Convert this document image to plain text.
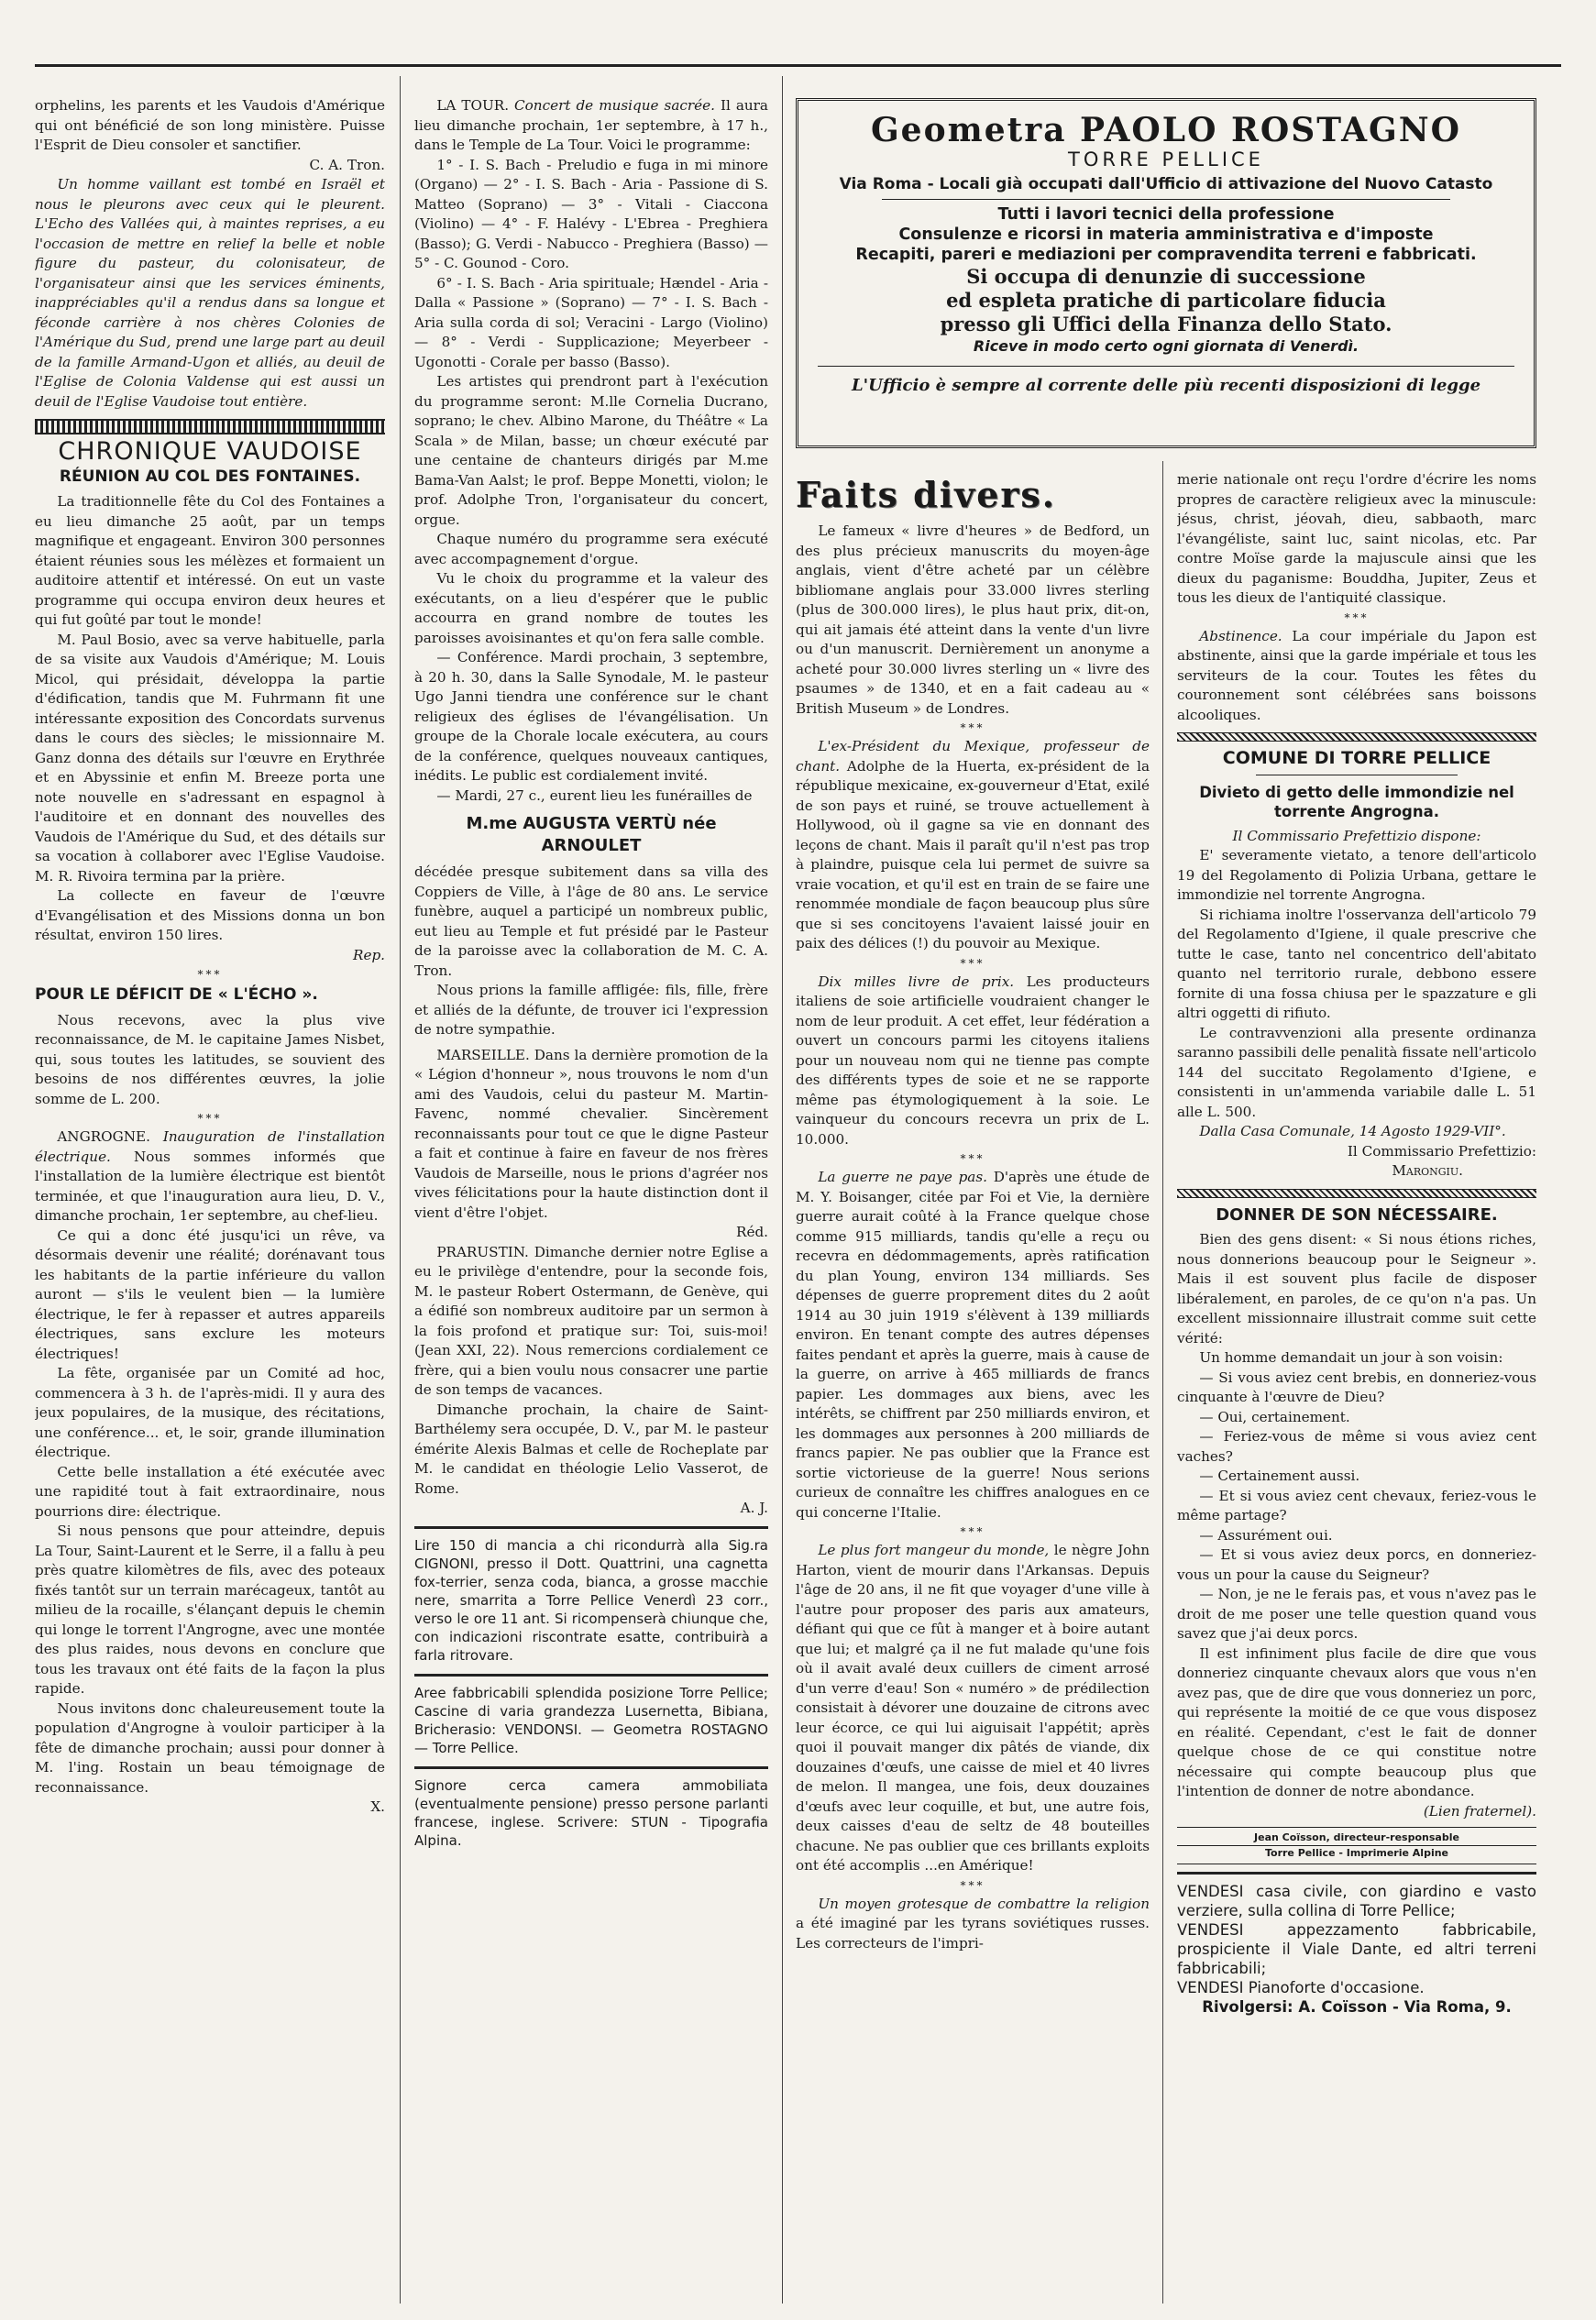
orphelins, les parents et les Vaudois d'Amérique qui ont bénéficié de son long ministère. Puisse l'Esprit de Dieu consoler et sanctifier.

C. A. Tron.

Un homme vaillant est tombé en Israël et nous le pleurons avec ceux qui le pleurent. L'Echo des Vallées qui, à maintes reprises, a eu l'occasion de mettre en relief la belle et noble figure du pasteur, du colonisateur, de l'organisateur ainsi que les services éminents, inappréciables qu'il a rendus dans sa longue et féconde carrière à nos chères Colonies de l'Amérique du Sud, prend une large part au deuil de la famille Armand-Ugon et alliés, au deuil de l'Eglise de Colonia Valdense qui est aussi un deuil de l'Eglise Vaudoise tout entière.

CHRONIQUE VAUDOISE
RÉUNION AU COL DES FONTAINES.

La traditionnelle fête du Col des Fontaines a eu lieu dimanche 25 août, par un temps magnifique et engageant. Environ 300 personnes étaient réunies sous les mélèzes et formaient un auditoire attentif et intéressé. On eut un vaste programme qui occupa environ deux heures et qui fut goûté par tout le monde!

M. Paul Bosio, avec sa verve habituelle, parla de sa visite aux Vaudois d'Amérique; M. Louis Micol, qui présidait, développa la partie d'édification, tandis que M. Fuhrmann fit une intéressante exposition des Concordats survenus dans le cours des siècles; le missionnaire M. Ganz donna des détails sur l'œuvre en Erythrée et en Abyssinie et enfin M. Breeze porta une note nouvelle en s'adressant en espagnol à l'auditoire et en donnant des nouvelles des Vaudois de l'Amérique du Sud, et des détails sur sa vocation à collaborer avec l'Eglise Vaudoise. M. R. Rivoira termina par la prière.

La collecte en faveur de l'œuvre d'Evangélisation et des Missions donna un bon résultat, environ 150 lires.

Rep.
***
POUR LE DÉFICIT DE « L'ÉCHO ».

Nous recevons, avec la plus vive reconnaissance, de M. le capitaine James Nisbet, qui, sous toutes les latitudes, se souvient des besoins de nos différentes œuvres, la jolie somme de L. 200.

***

ANGROGNE. Inauguration de l'installation électrique. Nous sommes informés que l'installation de la lumière électrique est bientôt terminée, et que l'inauguration aura lieu, D. V., dimanche prochain, 1er septembre, au chef-lieu.

Ce qui a donc été jusqu'ici un rêve, va désormais devenir une réalité; dorénavant tous les habitants de la partie inférieure du vallon auront — s'ils le veulent bien — la lumière électrique, le fer à repasser et autres appareils électriques, sans exclure les moteurs électriques!

La fête, organisée par un Comité ad hoc, commencera à 3 h. de l'après-midi. Il y aura des jeux populaires, de la musique, des récitations, une conférence... et, le soir, grande illumination électrique.

Cette belle installation a été exécutée avec une rapidité tout à fait extraordinaire, nous pourrions dire: électrique.

Si nous pensons que pour atteindre, depuis La Tour, Saint-Laurent et le Serre, il a fallu à peu près quatre kilomètres de fils, avec des poteaux fixés tantôt sur un terrain marécageux, tantôt au milieu de la rocaille, s'élançant depuis le chemin qui longe le torrent l'Angrogne, avec une montée des plus raides, nous devons en conclure que tous les travaux ont été faits de la façon la plus rapide.

Nous invitons donc chaleureusement toute la population d'Angrogne à vouloir participer à la fête de dimanche prochain; aussi pour donner à M. l'ing. Rostain un beau témoignage de reconnaissance.

X.

LA TOUR. Concert de musique sacrée. Il aura lieu dimanche prochain, 1er septembre, à 17 h., dans le Temple de La Tour. Voici le programme:

1° - I. S. Bach - Preludio e fuga in mi minore (Organo) — 2° - I. S. Bach - Aria - Passione di S. Matteo (Soprano) — 3° - Vitali - Ciaccona (Violino) — 4° - F. Halévy - L'Ebrea - Preghiera (Basso); G. Verdi - Nabucco - Preghiera (Basso) — 5° - C. Gounod - Coro.

6° - I. S. Bach - Aria spirituale; Hændel - Aria - Dalla « Passione » (Soprano) — 7° - I. S. Bach - Aria sulla corda di sol; Veracini - Largo (Violino) — 8° - Verdi - Supplicazione; Meyerbeer - Ugonotti - Corale per basso (Basso).

Les artistes qui prendront part à l'exécution du programme seront: M.lle Cornelia Ducrano, soprano; le chev. Albino Marone, du Théâtre « La Scala » de Milan, basse; un chœur exécuté par une centaine de chanteurs dirigés par M.me Bama-Van Aalst; le prof. Beppe Monetti, violon; le prof. Adolphe Tron, l'organisateur du concert, orgue.

Chaque numéro du programme sera exécuté avec accompagnement d'orgue.

Vu le choix du programme et la valeur des exécutants, on a lieu d'espérer que le public accourra en grand nombre de toutes les paroisses avoisinantes et qu'on fera salle comble.

— Conférence. Mardi prochain, 3 septembre, à 20 h. 30, dans la Salle Synodale, M. le pasteur Ugo Janni tiendra une conférence sur le chant religieux des églises de l'évangélisation. Un groupe de la Chorale locale exécutera, au cours de la conférence, quelques nouveaux cantiques, inédits. Le public est cordialement invité.

— Mardi, 27 c., eurent lieu les funérailles de

M.me AUGUSTA VERTÙ née ARNOULET

décédée presque subitement dans sa villa des Coppiers de Ville, à l'âge de 80 ans. Le service funèbre, auquel a participé un nombreux public, eut lieu au Temple et fut présidé par le Pasteur de la paroisse avec la collaboration de M. C. A. Tron.

Nous prions la famille affligée: fils, fille, frère et alliés de la défunte, de trouver ici l'expression de notre sympathie.

MARSEILLE. Dans la dernière promotion de la « Légion d'honneur », nous trouvons le nom d'un ami des Vaudois, celui du pasteur M. Martin-Favenc, nommé chevalier. Sincèrement reconnaissants pour tout ce que le digne Pasteur a fait et continue à faire en faveur de nos frères Vaudois de Marseille, nous le prions d'agréer nos vives félicitations pour la haute distinction dont il vient d'être l'objet.

Réd.

PRARUSTIN. Dimanche dernier notre Eglise a eu le privilège d'entendre, pour la seconde fois, M. le pasteur Robert Ostermann, de Genève, qui a édifié son nombreux auditoire par un sermon à la fois profond et pratique sur: Toi, suis-moi! (Jean XXI, 22). Nous remercions cordialement ce frère, qui a bien voulu nous consacrer une partie de son temps de vacances.

Dimanche prochain, la chaire de Saint-Barthélemy sera occupée, D. V., par M. le pasteur émérite Alexis Balmas et celle de Rocheplate par M. le candidat en théologie Lelio Vasserot, de Rome.

A. J.

Lire 150 di mancia a chi ricondurrà alla Sig.ra CIGNONI, presso il Dott. Quattrini, una cagnetta fox-terrier, senza coda, bianca, a grosse macchie nere, smarrita a Torre Pellice Venerdì 23 corr., verso le ore 11 ant. Si ricompenserà chiunque che, con indicazioni riscontrate esatte, contribuirà a farla ritrovare.

Aree fabbricabili splendida posizione Torre Pellice; Cascine di varia grandezza Lusernetta, Bibiana, Bricherasio: VENDONSI. — Geometra ROSTAGNO — Torre Pellice.

Signore cerca camera ammobiliata (eventualmente pensione) presso persone parlanti francese, inglese. Scrivere: STUN - Tipografia Alpina.

Geometra PAOLO ROSTAGNO
TORRE PELLICE
Via Roma - Locali già occupati dall'Ufficio di attivazione del Nuovo Catasto
Tutti i lavori tecnici della professione
Consulenze e ricorsi in materia amministrativa e d'imposte
Recapiti, pareri e mediazioni per compravendita terreni e fabbricati.
Si occupa di denunzie di successione
ed espleta pratiche di particolare fiducia
presso gli Uffici della Finanza dello Stato.
Riceve in modo certo ogni giornata di Venerdì.
L'Ufficio è sempre al corrente delle più recenti disposizioni di legge
Faits divers.

Le fameux « livre d'heures » de Bedford, un des plus précieux manuscrits du moyen-âge anglais, vient d'être acheté par un célèbre bibliomane anglais pour 33.000 livres sterling (plus de 300.000 lires), le plus haut prix, dit-on, qui ait jamais été atteint dans la vente d'un livre ou d'un manuscrit. Dernièrement un anonyme a acheté pour 30.000 livres sterling un « livre des psaumes » de 1340, et en a fait cadeau au « British Museum » de Londres.

***

L'ex-Président du Mexique, professeur de chant. Adolphe de la Huerta, ex-président de la république mexicaine, ex-gouverneur d'Etat, exilé de son pays et ruiné, se trouve actuellement à Hollywood, où il gagne sa vie en donnant des leçons de chant. Mais il paraît qu'il n'est pas trop à plaindre, puisque cela lui permet de suivre sa vraie vocation, et qu'il est en train de se faire une renommée mondiale de façon beaucoup plus sûre que si ses concitoyens l'avaient laissé jouir en paix des délices (!) du pouvoir au Mexique.

***

Dix milles livre de prix. Les producteurs italiens de soie artificielle voudraient changer le nom de leur produit. A cet effet, leur fédération a ouvert un concours parmi les citoyens italiens pour un nouveau nom qui ne tienne pas compte des différents types de soie et ne se rapporte même pas étymologiquement à la soie. Le vainqueur du concours recevra un prix de L. 10.000.

***

La guerre ne paye pas. D'après une étude de M. Y. Boisanger, citée par Foi et Vie, la dernière guerre aurait coûté à la France quelque chose comme 915 milliards, tandis qu'elle a reçu ou recevra en dédommagements, après ratification du plan Young, environ 134 milliards. Ses dépenses de guerre proprement dites du 2 août 1914 au 30 juin 1919 s'élèvent à 139 milliards environ. En tenant compte des autres dépenses faites pendant et après la guerre, mais à cause de la guerre, on arrive à 465 milliards de francs papier. Les dommages aux biens, avec les intérêts, se chiffrent par 250 milliards environ, et les dommages aux personnes à 200 milliards de francs papier. Ne pas oublier que la France est sortie victorieuse de la guerre! Nous serions curieux de connaître les chiffres analogues en ce qui concerne l'Italie.

***

Le plus fort mangeur du monde, le nègre John Harton, vient de mourir dans l'Arkansas. Depuis l'âge de 20 ans, il ne fit que voyager d'une ville à l'autre pour proposer des paris aux amateurs, défiant qui que ce fût à manger et à boire autant que lui; et malgré ça il ne fut malade qu'une fois où il avait avalé deux cuillers de ciment arrosé d'un verre d'eau! Son « numéro » de prédilection consistait à dévorer une douzaine de citrons avec leur écorce, ce qui lui aiguisait l'appétit; après quoi il pouvait manger dix pâtés de viande, dix douzaines d'œufs, une caisse de miel et 40 livres de melon. Il mangea, une fois, deux douzaines d'œufs avec leur coquille, et but, une autre fois, deux caisses d'eau de seltz de 48 bouteilles chacune. Ne pas oublier que ces brillants exploits ont été accomplis ...en Amérique!

***

Un moyen grotesque de combattre la religion a été imaginé par les tyrans soviétiques russes. Les correcteurs de l'impri-

merie nationale ont reçu l'ordre d'écrire les noms propres de caractère religieux avec la minuscule: jésus, christ, jéovah, dieu, sabbaoth, marc l'évangéliste, saint luc, saint nicolas, etc. Par contre Moïse garde la majuscule ainsi que les dieux du paganisme: Bouddha, Jupiter, Zeus et tous les dieux de l'antiquité classique.

***

Abstinence. La cour impériale du Japon est abstinente, ainsi que la garde impériale et tous les serviteurs de la cour. Toutes les fêtes du couronnement sont célébrées sans boissons alcooliques.

COMUNE DI TORRE PELLICE
Divieto di getto delle immondizie nel torrente Angrogna.

Il Commissario Prefettizio dispone:

E' severamente vietato, a tenore dell'articolo 19 del Regolamento di Polizia Urbana, gettare le immondizie nel torrente Angrogna.

Si richiama inoltre l'osservanza dell'articolo 79 del Regolamento d'Igiene, il quale prescrive che tutte le case, tanto nel concentrico dell'abitato quanto nel territorio rurale, debbono essere fornite di una fossa chiusa per le spazzature e gli altri oggetti di rifiuto.

Le contravvenzioni alla presente ordinanza saranno passibili delle penalità fissate nell'articolo 144 del succitato Regolamento d'Igiene, e consistenti in un'ammenda variabile dalle L. 51 alle L. 500.

Dalla Casa Comunale, 14 Agosto 1929-VII°.

Il Commissario Prefettizio:
Marongiu.
DONNER DE SON NÉCESSAIRE.

Bien des gens disent: « Si nous étions riches, nous donnerions beaucoup pour le Seigneur ». Mais il est souvent plus facile de disposer libéralement, en paroles, de ce qu'on n'a pas. Un excellent missionnaire illustrait comme suit cette vérité:

Un homme demandait un jour à son voisin:

— Si vous aviez cent brebis, en donneriez-vous cinquante à l'œuvre de Dieu?

— Oui, certainement.

— Feriez-vous de même si vous aviez cent vaches?

— Certainement aussi.

— Et si vous aviez cent chevaux, feriez-vous le même partage?

— Assurément oui.

— Et si vous aviez deux porcs, en donneriez-vous un pour la cause du Seigneur?

— Non, je ne le ferais pas, et vous n'avez pas le droit de me poser une telle question quand vous savez que j'ai deux porcs.

Il est infiniment plus facile de dire que vous donneriez cinquante chevaux alors que vous n'en avez pas, que de dire que vous donneriez un porc, qui représente la moitié de ce que vous disposez en réalité. Cependant, c'est le fait de donner quelque chose de ce qui constitue notre nécessaire qui compte beaucoup plus que l'intention de donner de notre abondance.

(Lien fraternel).
Jean Coïsson, directeur-responsable
Torre Pellice - Imprimerie Alpine

VENDESI casa civile, con giardino e vasto verziere, sulla collina di Torre Pellice;

VENDESI appezzamento fabbricabile, prospiciente il Viale Dante, ed altri terreni fabbricabili;

VENDESI Pianoforte d'occasione.

Rivolgersi: A. Coïsson - Via Roma, 9.
